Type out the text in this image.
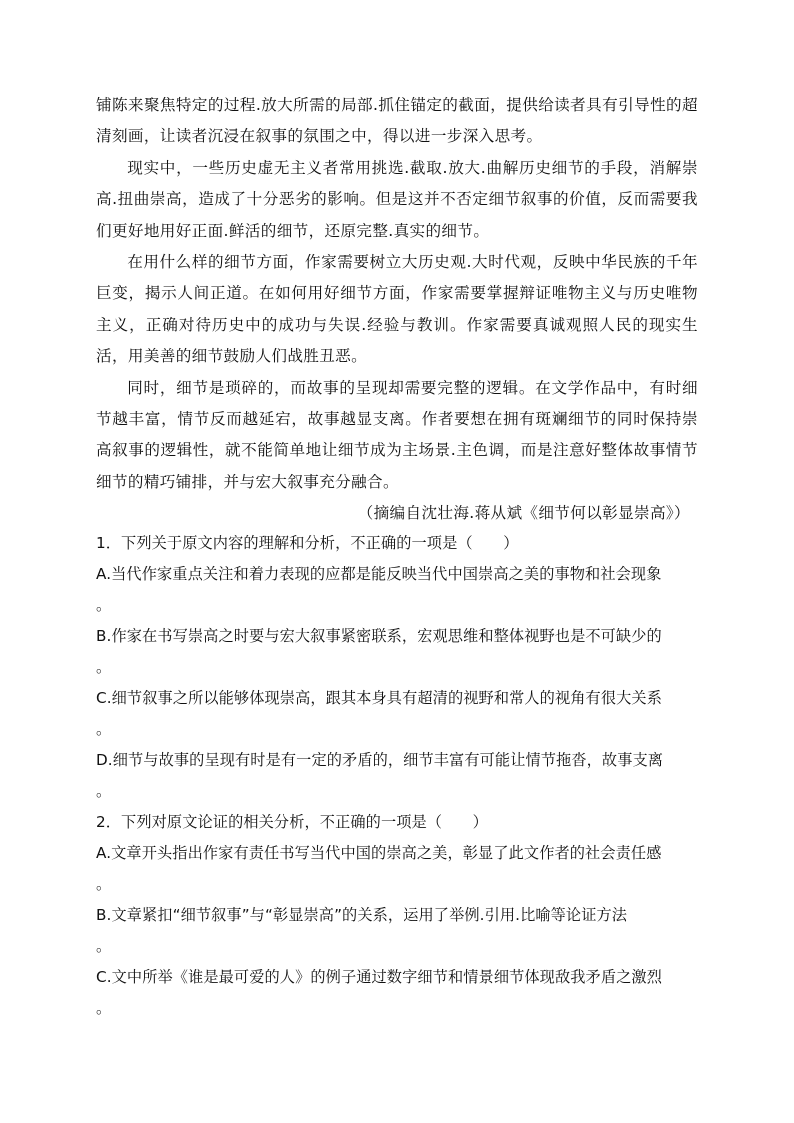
铺陈来聚焦特定的过程.放大所需的局部.抓住锚定的截面，提供给读者具有引导性的超清刻画，让读者沉浸在叙事的氛围之中，得以进一步深入思考。

现实中，一些历史虚无主义者常用挑选.截取.放大.曲解历史细节的手段，消解崇高.扭曲崇高，造成了十分恶劣的影响。但是这并不否定细节叙事的价值，反而需要我们更好地用好正面.鲜活的细节，还原完整.真实的细节。

在用什么样的细节方面，作家需要树立大历史观.大时代观，反映中华民族的千年巨变，揭示人间正道。在如何用好细节方面，作家需要掌握辩证唯物主义与历史唯物主义，正确对待历史中的成功与失误.经验与教训。作家需要真诚观照人民的现实生活，用美善的细节鼓励人们战胜丑恶。

同时，细节是琐碎的，而故事的呈现却需要完整的逻辑。在文学作品中，有时细节越丰富，情节反而越延宕，故事越显支离。作者要想在拥有斑斓细节的同时保持崇高叙事的逻辑性，就不能简单地让细节成为主场景.主色调，而是注意好整体故事情节细节的精巧铺排，并与宏大叙事充分融合。

（摘编自沈壮海.蒋从斌《细节何以彰显崇高》）
1．下列关于原文内容的理解和分析，不正确的一项是（　　）
A.当代作家重点关注和着力表现的应都是能反映当代中国崇高之美的事物和社会现象
。
B.作家在书写崇高之时要与宏大叙事紧密联系，宏观思维和整体视野也是不可缺少的
。
C.细节叙事之所以能够体现崇高，跟其本身具有超清的视野和常人的视角有很大关系
。
D.细节与故事的呈现有时是有一定的矛盾的，细节丰富有可能让情节拖沓，故事支离
。
2．下列对原文论证的相关分析，不正确的一项是（　　）
A.文章开头指出作家有责任书写当代中国的崇高之美，彰显了此文作者的社会责任感
。
B.文章紧扣“细节叙事”与“彰显崇高”的关系，运用了举例.引用.比喻等论证方法
。
C.文中所举《谁是最可爱的人》的例子通过数字细节和情景细节体现敌我矛盾之激烈
。
